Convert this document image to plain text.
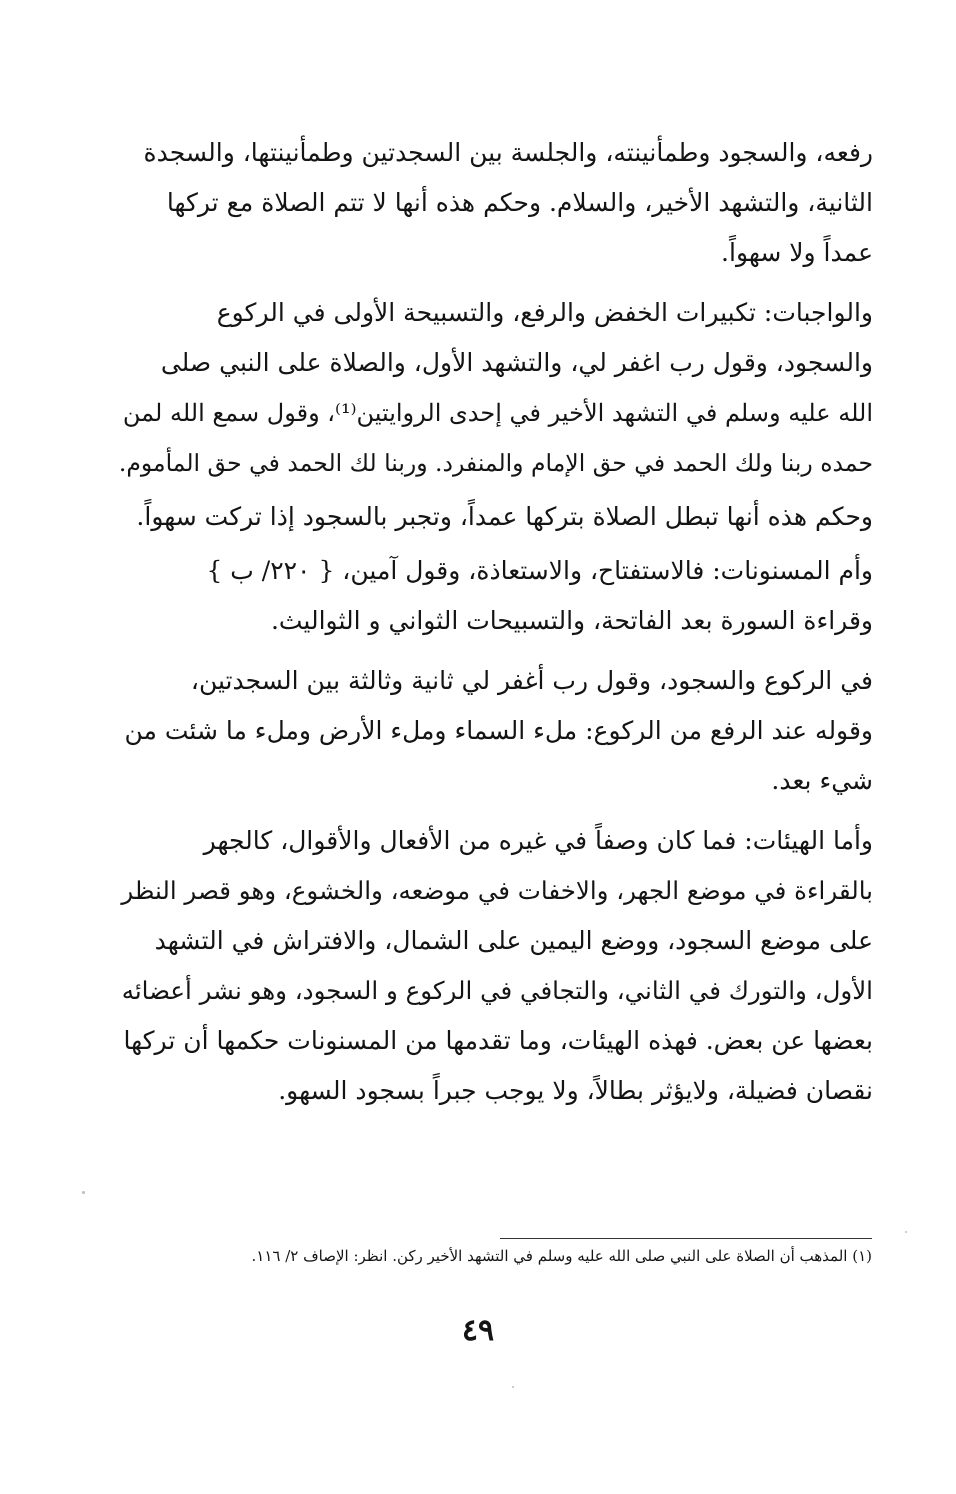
رفعه، والسجود وطمأنينته، والجلسة بين السجدتين وطمأنينتها، والسجدة
الثانية، والتشهد الأخير، والسلام. وحكم هذه أنها لا تتم الصلاة مع تركها
عمداً ولا سهواً.

والواجبات: تكبيرات الخفض والرفع، والتسبيحة الأولى في الركوع
والسجود، وقول رب اغفر لي، والتشهد الأول، والصلاة على النبي صلى
الله عليه وسلم في التشهد الأخير في إحدى الروايتين⁽¹⁾، وقول سمع الله لمن
حمده ربنا ولك الحمد في حق الإمام والمنفرد. وربنا لك الحمد في حق المأموم.

وحكم هذه أنها تبطل الصلاة بتركها عمداً، وتجبر بالسجود إذا تركت سهواً.

وأم المسنونات: فالاستفتاح، والاستعاذة، وقول آمين، { ٢٢٠/ ب }
وقراءة السورة بعد الفاتحة، والتسبيحات الثواني و الثواليث.

في الركوع والسجود، وقول رب أغفر لي ثانية وثالثة بين السجدتين،
وقوله عند الرفع من الركوع: ملء السماء وملء الأرض وملء ما شئت من
شيء بعد.

وأما الهيئات: فما كان وصفاً في غيره من الأفعال والأقوال، كالجهر
بالقراءة في موضع الجهر، والاخفات في موضعه، والخشوع، وهو قصر النظر
على موضع السجود، ووضع اليمين على الشمال، والافتراش في التشهد
الأول، والتورك في الثاني، والتجافي في الركوع و السجود، وهو نشر أعضائه
بعضها عن بعض. فهذه الهيئات، وما تقدمها من المسنونات حكمها أن تركها
نقصان فضيلة، ولايؤثر بطالاً، ولا يوجب جبراً بسجود السهو.

(١) المذهب أن الصلاة على النبي صلى الله عليه وسلم في التشهد الأخير ركن. انظر: الإصاف ٢/ ١١٦.
٤٩
